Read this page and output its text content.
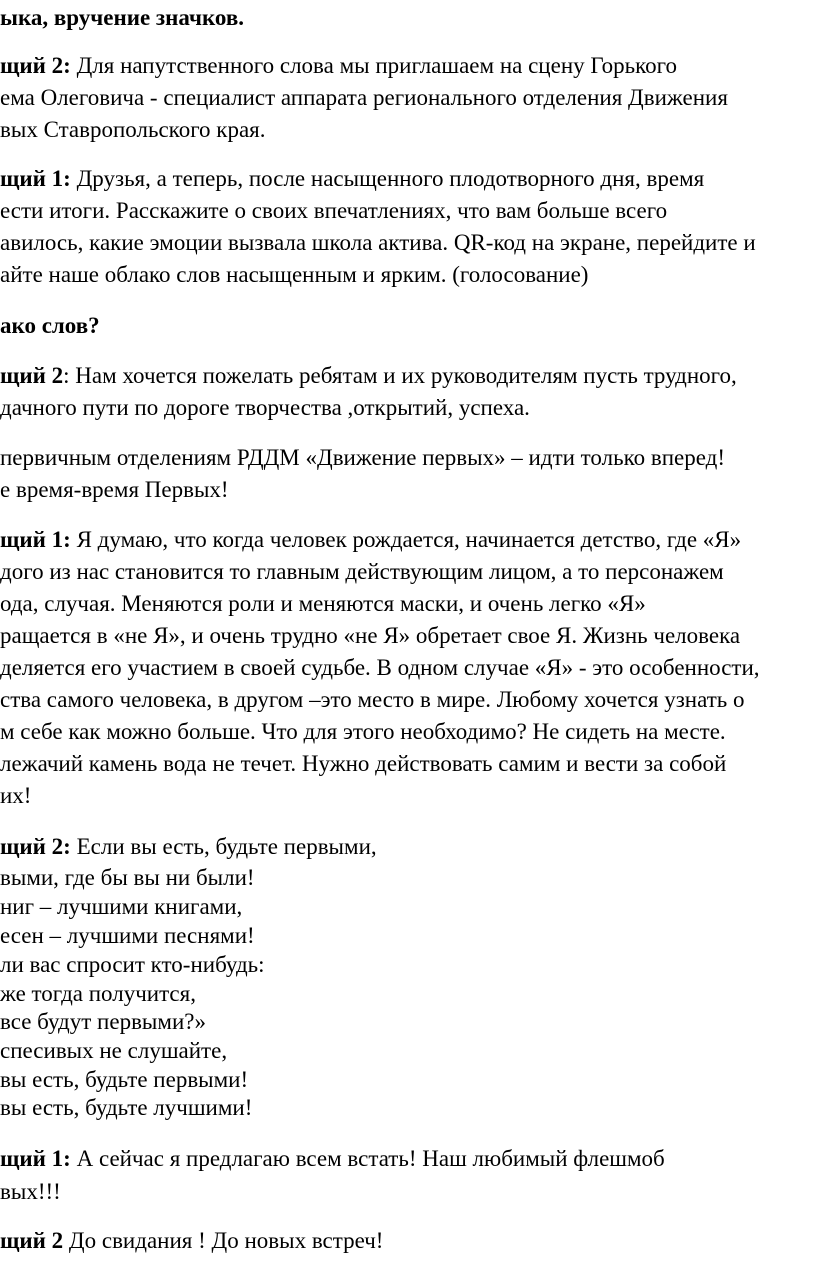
ыка, вручение значков.
щий 2: Для напутственного слова мы приглашаем на сцену Горького
ема Олеговича - специалист аппарата регионального отделения Движения
вых Ставропольского края.
щий 1: Друзья, а теперь, после насыщенного плодотворного дня, время
ести итоги. Расскажите о своих впечатлениях, что вам больше всего
авилось, какие эмоции вызвала школа актива. QR-код на экране, перейдите и
айте наше облако слов насыщенным и ярким. (голосование)
ако слов?
щий 2: Нам хочется пожелать ребятам и их руководителям пусть трудного,
дачного пути по дороге творчества ,открытий, успеха.
первичным отделениям РДДМ «Движение первых» – идти только вперед!
е время-время Первых!
щий 1: Я думаю, что когда человек рождается, начинается детство, где «Я»
дого из нас становится то главным действующим лицом, а то персонажем
ода, случая. Меняются роли и меняются маски, и очень легко «Я»
ращается в «не Я», и очень трудно «не Я» обретает свое Я. Жизнь человека
деляется его участием в своей судьбе. В одном случае «Я» - это особенности,
ства самого человека, в другом –это место в мире. Любому хочется узнать о
м себе как можно больше. Что для этого необходимо? Не сидеть на месте.
лежачий камень вода не течет. Нужно действовать самим и вести за собой
их!
щий 2: Если вы есть, будьте первыми,
выми, где бы вы ни были!
ниг – лучшими книгами,
есен – лучшими песнями!
ли вас спросит кто-нибудь:
же тогда получится,
все будут первыми?»
спесивых не слушайте,
вы есть, будьте первыми!
вы есть, будьте лучшими!
щий 1: А сейчас я предлагаю всем встать! Наш любимый флешмоб
вых!!!
щий 2 До свидания ! До новых встреч!
